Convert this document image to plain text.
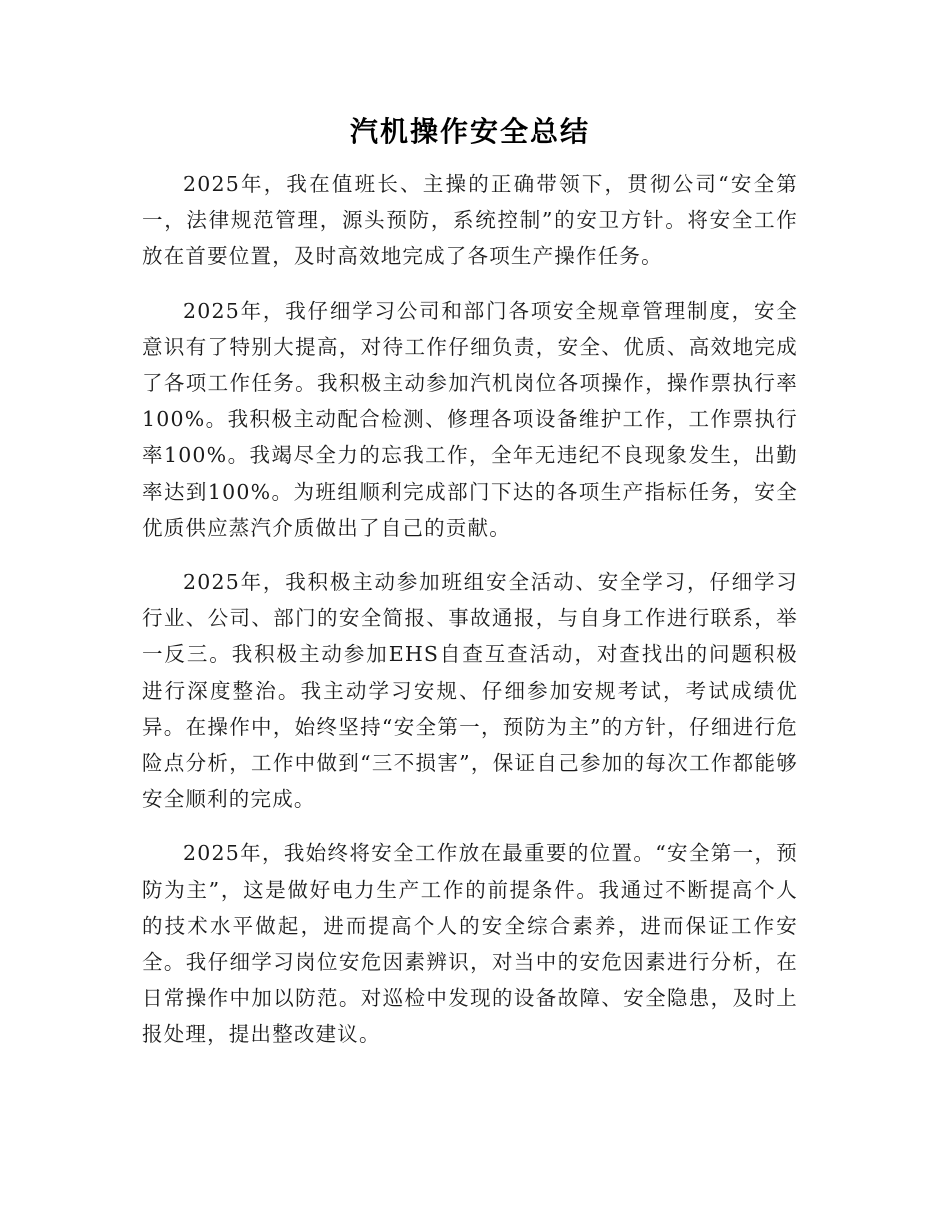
汽机操作安全总结

2025年，我在值班长、主操的正确带领下，贯彻公司“安全第一，法律规范管理，源头预防，系统控制”的安卫方针。将安全工作放在首要位置，及时高效地完成了各项生产操作任务。

2025年，我仔细学习公司和部门各项安全规章管理制度，安全意识有了特别大提高，对待工作仔细负责，安全、优质、高效地完成了各项工作任务。我积极主动参加汽机岗位各项操作，操作票执行率100%。我积极主动配合检测、修理各项设备维护工作，工作票执行率100%。我竭尽全力的忘我工作，全年无违纪不良现象发生，出勤率达到100%。为班组顺利完成部门下达的各项生产指标任务，安全优质供应蒸汽介质做出了自己的贡献。

2025年，我积极主动参加班组安全活动、安全学习，仔细学习行业、公司、部门的安全简报、事故通报，与自身工作进行联系，举一反三。我积极主动参加EHS自查互查活动，对查找出的问题积极进行深度整治。我主动学习安规、仔细参加安规考试，考试成绩优异。在操作中，始终坚持“安全第一，预防为主”的方针，仔细进行危险点分析，工作中做到“三不损害”，保证自己参加的每次工作都能够安全顺利的完成。

2025年，我始终将安全工作放在最重要的位置。“安全第一，预防为主”，这是做好电力生产工作的前提条件。我通过不断提高个人的技术水平做起，进而提高个人的安全综合素养，进而保证工作安全。我仔细学习岗位安危因素辨识，对当中的安危因素进行分析，在日常操作中加以防范。对巡检中发现的设备故障、安全隐患，及时上报处理，提出整改建议。
